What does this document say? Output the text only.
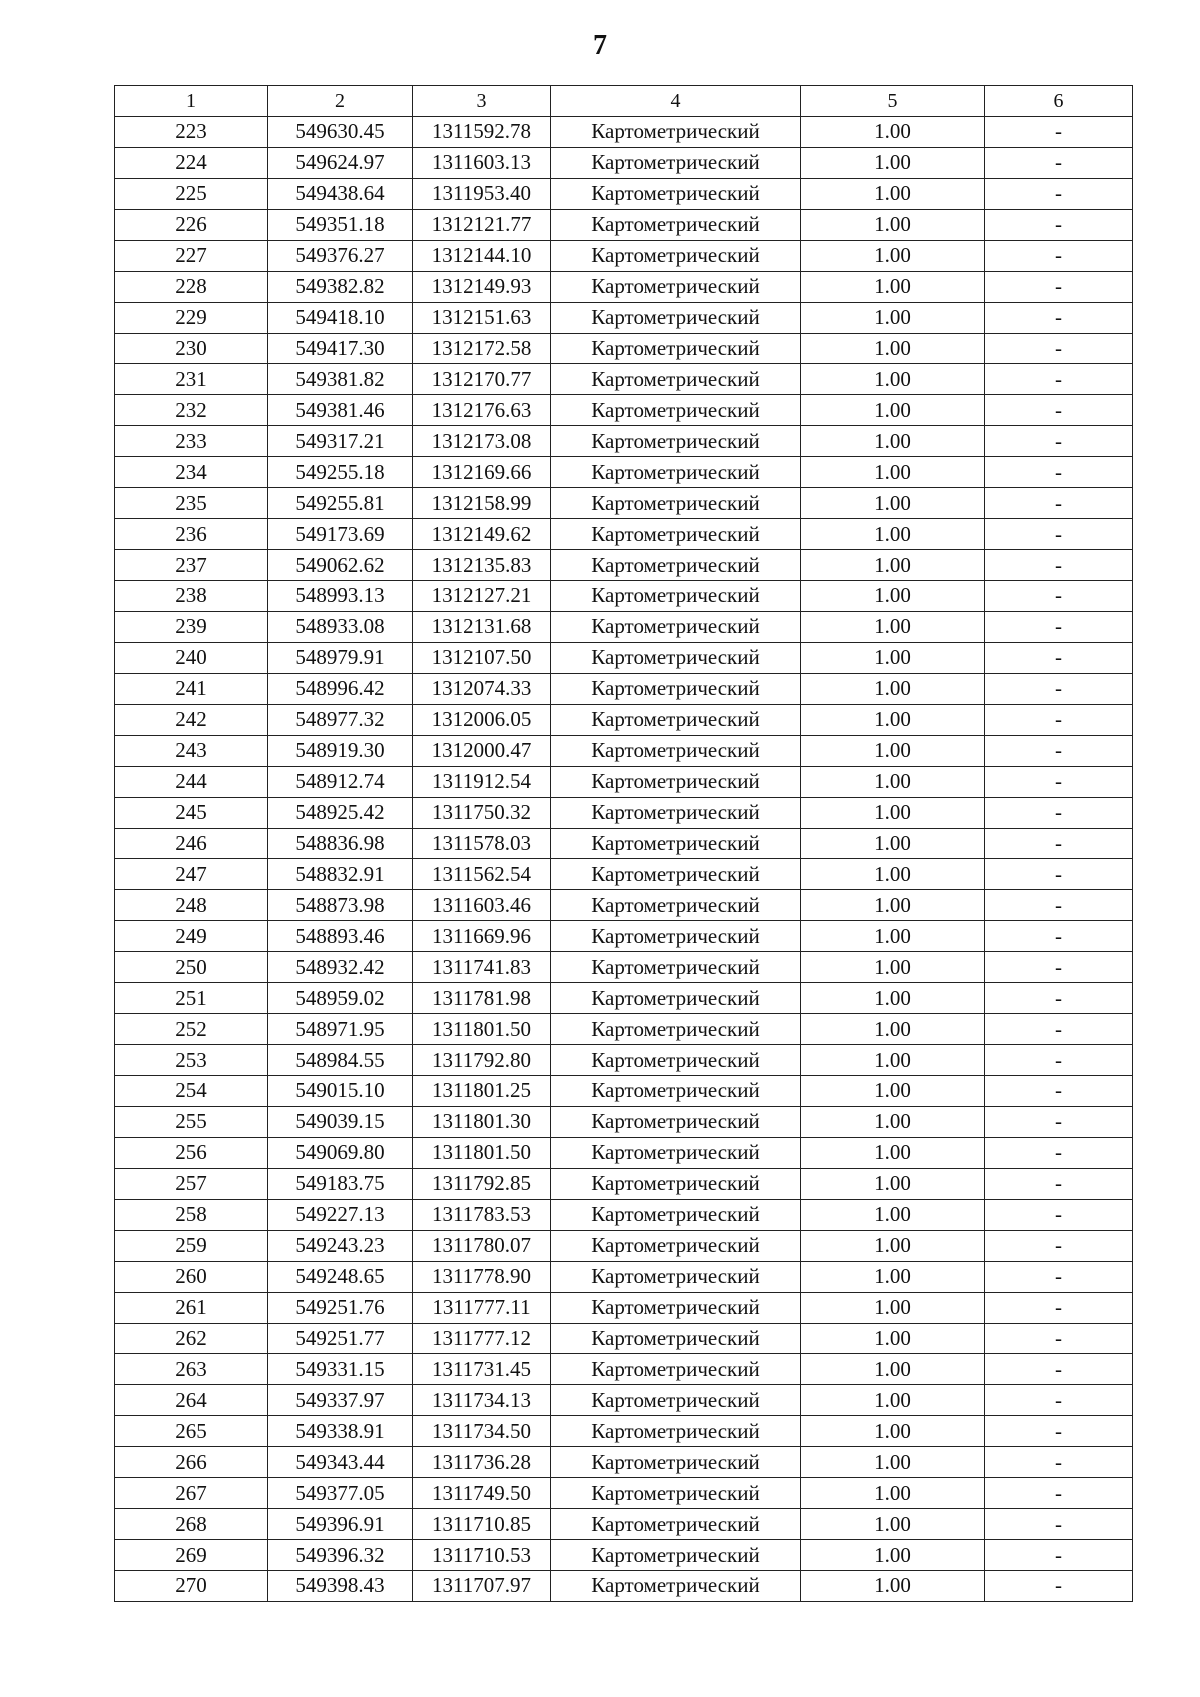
7
1	2	3	4	5	6
223	549630.45	1311592.78	Картометрический	1.00	-
224	549624.97	1311603.13	Картометрический	1.00	-
225	549438.64	1311953.40	Картометрический	1.00	-
226	549351.18	1312121.77	Картометрический	1.00	-
227	549376.27	1312144.10	Картометрический	1.00	-
228	549382.82	1312149.93	Картометрический	1.00	-
229	549418.10	1312151.63	Картометрический	1.00	-
230	549417.30	1312172.58	Картометрический	1.00	-
231	549381.82	1312170.77	Картометрический	1.00	-
232	549381.46	1312176.63	Картометрический	1.00	-
233	549317.21	1312173.08	Картометрический	1.00	-
234	549255.18	1312169.66	Картометрический	1.00	-
235	549255.81	1312158.99	Картометрический	1.00	-
236	549173.69	1312149.62	Картометрический	1.00	-
237	549062.62	1312135.83	Картометрический	1.00	-
238	548993.13	1312127.21	Картометрический	1.00	-
239	548933.08	1312131.68	Картометрический	1.00	-
240	548979.91	1312107.50	Картометрический	1.00	-
241	548996.42	1312074.33	Картометрический	1.00	-
242	548977.32	1312006.05	Картометрический	1.00	-
243	548919.30	1312000.47	Картометрический	1.00	-
244	548912.74	1311912.54	Картометрический	1.00	-
245	548925.42	1311750.32	Картометрический	1.00	-
246	548836.98	1311578.03	Картометрический	1.00	-
247	548832.91	1311562.54	Картометрический	1.00	-
248	548873.98	1311603.46	Картометрический	1.00	-
249	548893.46	1311669.96	Картометрический	1.00	-
250	548932.42	1311741.83	Картометрический	1.00	-
251	548959.02	1311781.98	Картометрический	1.00	-
252	548971.95	1311801.50	Картометрический	1.00	-
253	548984.55	1311792.80	Картометрический	1.00	-
254	549015.10	1311801.25	Картометрический	1.00	-
255	549039.15	1311801.30	Картометрический	1.00	-
256	549069.80	1311801.50	Картометрический	1.00	-
257	549183.75	1311792.85	Картометрический	1.00	-
258	549227.13	1311783.53	Картометрический	1.00	-
259	549243.23	1311780.07	Картометрический	1.00	-
260	549248.65	1311778.90	Картометрический	1.00	-
261	549251.76	1311777.11	Картометрический	1.00	-
262	549251.77	1311777.12	Картометрический	1.00	-
263	549331.15	1311731.45	Картометрический	1.00	-
264	549337.97	1311734.13	Картометрический	1.00	-
265	549338.91	1311734.50	Картометрический	1.00	-
266	549343.44	1311736.28	Картометрический	1.00	-
267	549377.05	1311749.50	Картометрический	1.00	-
268	549396.91	1311710.85	Картометрический	1.00	-
269	549396.32	1311710.53	Картометрический	1.00	-
270	549398.43	1311707.97	Картометрический	1.00	-
